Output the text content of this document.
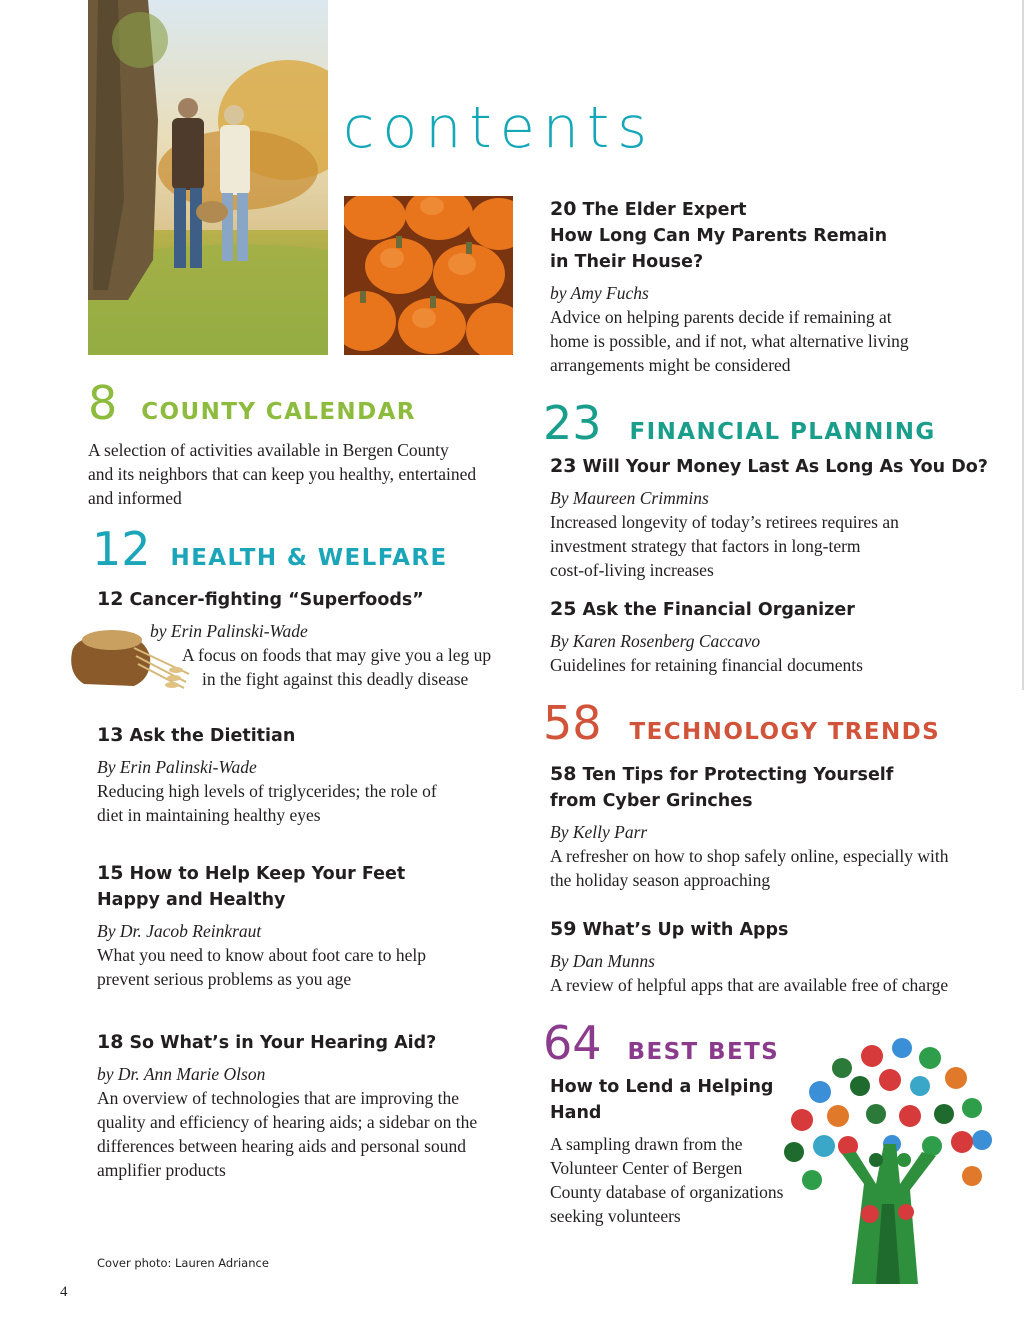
contents
8 COUNTY CALENDAR
A selection of activities available in Bergen County and its neighbors that can keep you healthy, entertained and informed
12 HEALTH & WELFARE
12 Cancer-fighting “Superfoods”
by Erin Palinski-Wade
A focus on foods that may give you a leg up
in the fight against this deadly disease
13 Ask the Dietitian
By Erin Palinski-Wade
Reducing high levels of triglycerides; the role of
diet in maintaining healthy eyes
15 How to Help Keep Your Feet
Happy and Healthy
By Dr. Jacob Reinkraut
What you need to know about foot care to help
prevent serious problems as you age
18 So What’s in Your Hearing Aid?
by Dr. Ann Marie Olson
An overview of technologies that are improving the
quality and efficiency of hearing aids; a sidebar on the
differences between hearing aids and personal sound
amplifier products
20 The Elder Expert
How Long Can My Parents Remain
in Their House?
by Amy Fuchs
Advice on helping parents decide if remaining at
home is possible, and if not, what alternative living
arrangements might be considered
23 FINANCIAL PLANNING
23 Will Your Money Last As Long As You Do?
By Maureen Crimmins
Increased longevity of today’s retirees requires an
investment strategy that factors in long-term
cost-of-living increases
25 Ask the Financial Organizer
By Karen Rosenberg Caccavo
Guidelines for retaining financial documents
58 TECHNOLOGY TRENDS
58 Ten Tips for Protecting Yourself
from Cyber Grinches
By Kelly Parr
A refresher on how to shop safely online, especially with
the holiday season approaching
59 What’s Up with Apps
By Dan Munns
A review of helpful apps that are available free of charge
64 BEST BETS
How to Lend a Helping
Hand
A sampling drawn from the
Volunteer Center of Bergen
County database of organizations
seeking volunteers
Cover photo: Lauren Adriance
4
